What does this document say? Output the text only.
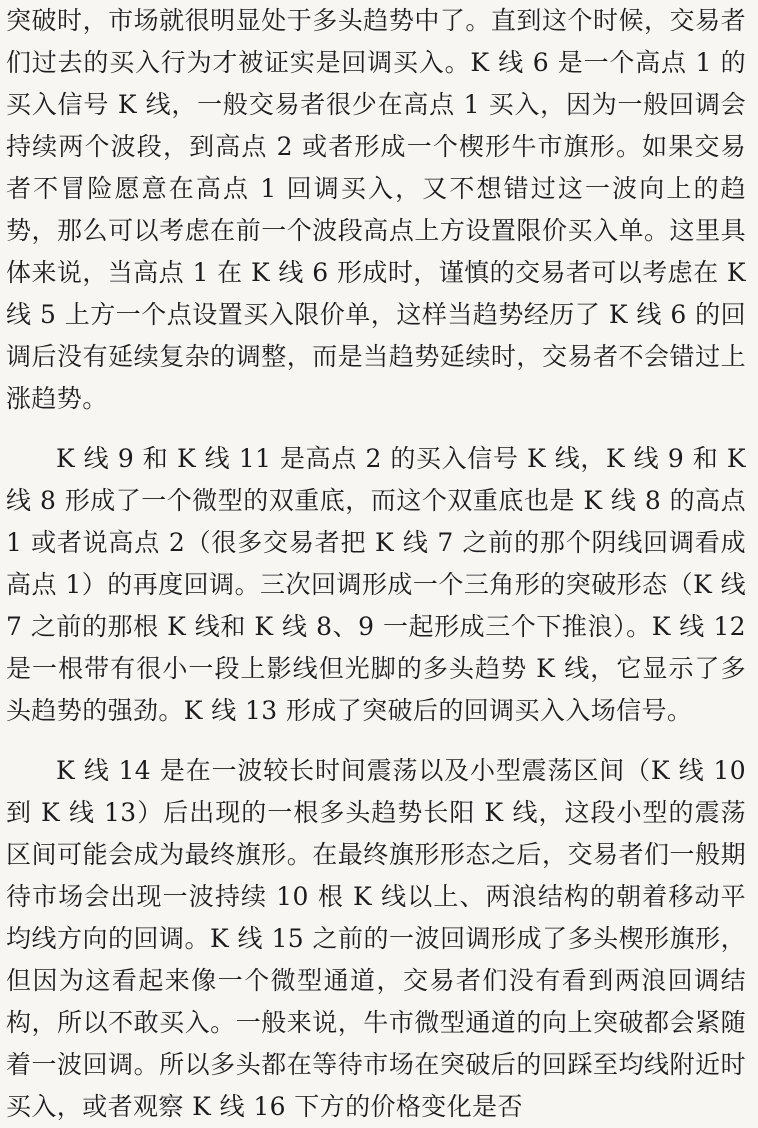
突破时，市场就很明显处于多头趋势中了。直到这个时候，交易者们过去的买入行为才被证实是回调买入。K 线 6 是一个高点 1 的买入信号 K 线，一般交易者很少在高点 1 买入，因为一般回调会持续两个波段，到高点 2 或者形成一个楔形牛市旗形。如果交易者不冒险愿意在高点 1 回调买入，又不想错过这一波向上的趋势，那么可以考虑在前一个波段高点上方设置限价买入单。这里具体来说，当高点 1 在 K 线 6 形成时，谨慎的交易者可以考虑在 K 线 5 上方一个点设置买入限价单，这样当趋势经历了 K 线 6 的回调后没有延续复杂的调整，而是当趋势延续时，交易者不会错过上涨趋势。

K 线 9 和 K 线 11 是高点 2 的买入信号 K 线，K 线 9 和 K 线 8 形成了一个微型的双重底，而这个双重底也是 K 线 8 的高点 1 或者说高点 2（很多交易者把 K 线 7 之前的那个阴线回调看成高点 1）的再度回调。三次回调形成一个三角形的突破形态（K 线 7 之前的那根 K 线和 K 线 8、9 一起形成三个下推浪）。K 线 12 是一根带有很小一段上影线但光脚的多头趋势 K 线，它显示了多头趋势的强劲。K 线 13 形成了突破后的回调买入入场信号。

K 线 14 是在一波较长时间震荡以及小型震荡区间（K 线 10 到 K 线 13）后出现的一根多头趋势长阳 K 线，这段小型的震荡区间可能会成为最终旗形。在最终旗形形态之后，交易者们一般期待市场会出现一波持续 10 根 K 线以上、两浪结构的朝着移动平均线方向的回调。K 线 15 之前的一波回调形成了多头楔形旗形，但因为这看起来像一个微型通道，交易者们没有看到两浪回调结构，所以不敢买入。一般来说，牛市微型通道的向上突破都会紧随着一波回调。所以多头都在等待市场在突破后的回踩至均线附近时买入，或者观察 K 线 16 下方的价格变化是否
